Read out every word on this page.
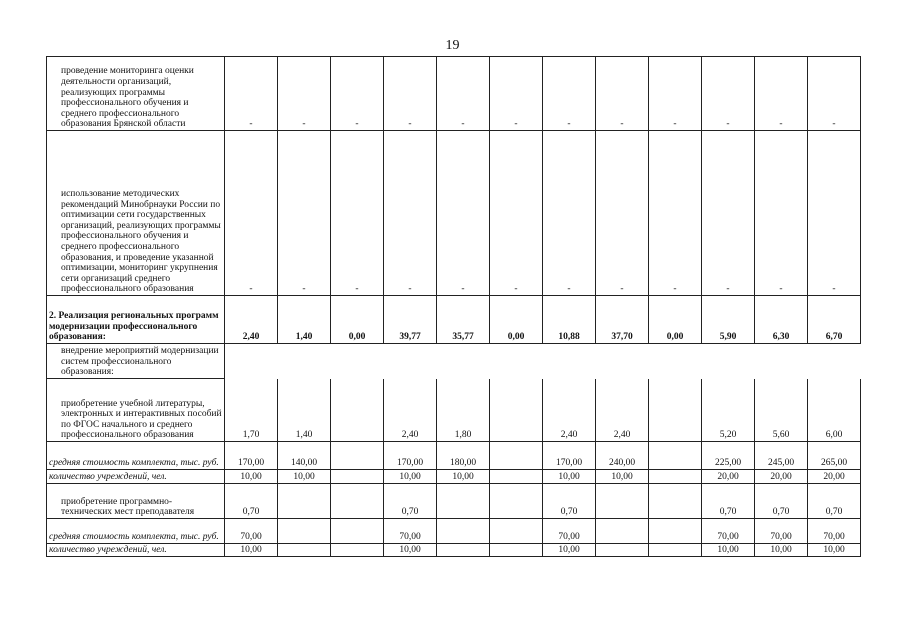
19
проведение мониторинга оценки деятельности организаций, реализующих программы профессионального обучения и среднего профессионального образования Брянской области	-	-	-	-	-	-	-	-	-	-	-	-
использование методических рекомендаций Минобрнауки России по оптимизации сети государственных организаций, реализующих программы профессионального обучения и среднего профессионального образования, и проведение указанной оптимизации, мониторинг укрупнения сети организаций среднего профессионального образования	-	-	-	-	-	-	-	-	-	-	-	-
2. Реализация региональных программ модернизации профессионального образования:	2,40	1,40	0,00	39,77	35,77	0,00	10,88	37,70	0,00	5,90	6,30	6,70
внедрение мероприятий модернизации систем профессионального образования:												
приобретение учебной литературы, электронных и интерактивных пособий по ФГОС начального и среднего профессионального образования	1,70	1,40		2,40	1,80		2,40	2,40		5,20	5,60	6,00
средняя стоимость комплекта, тыс. руб.	170,00	140,00		170,00	180,00		170,00	240,00		225,00	245,00	265,00
количество учреждений, чел.	10,00	10,00		10,00	10,00		10,00	10,00		20,00	20,00	20,00
приобретение программно-технических мест преподавателя	0,70			0,70			0,70			0,70	0,70	0,70
средняя стоимость комплекта, тыс. руб.	70,00			70,00			70,00			70,00	70,00	70,00
количество учреждений, чел.	10,00			10,00			10,00			10,00	10,00	10,00
